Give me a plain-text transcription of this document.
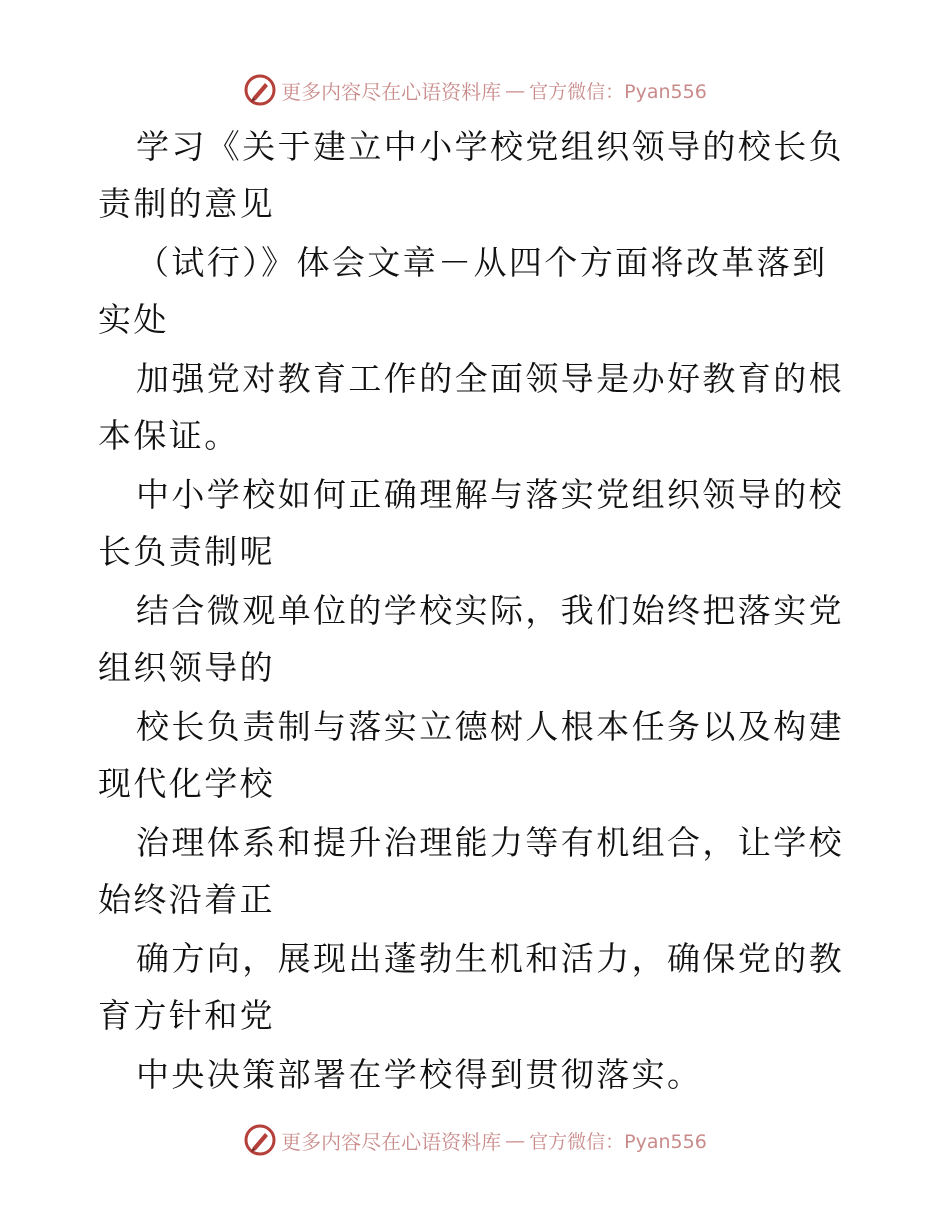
更多内容尽在心语资料库 — 官方微信：Pyan556

学习《关于建立中小学校党组织领导的校长负责制的意见

（试行）》体会文章－从四个方面将改革落到实处

加强党对教育工作的全面领导是办好教育的根本保证。

中小学校如何正确理解与落实党组织领导的校长负责制呢

结合微观单位的学校实际，我们始终把落实党组织领导的

校长负责制与落实立德树人根本任务以及构建现代化学校

治理体系和提升治理能力等有机组合，让学校始终沿着正

确方向，展现出蓬勃生机和活力，确保党的教育方针和党

中央决策部署在学校得到贯彻落实。

更多内容尽在心语资料库 — 官方微信：Pyan556
